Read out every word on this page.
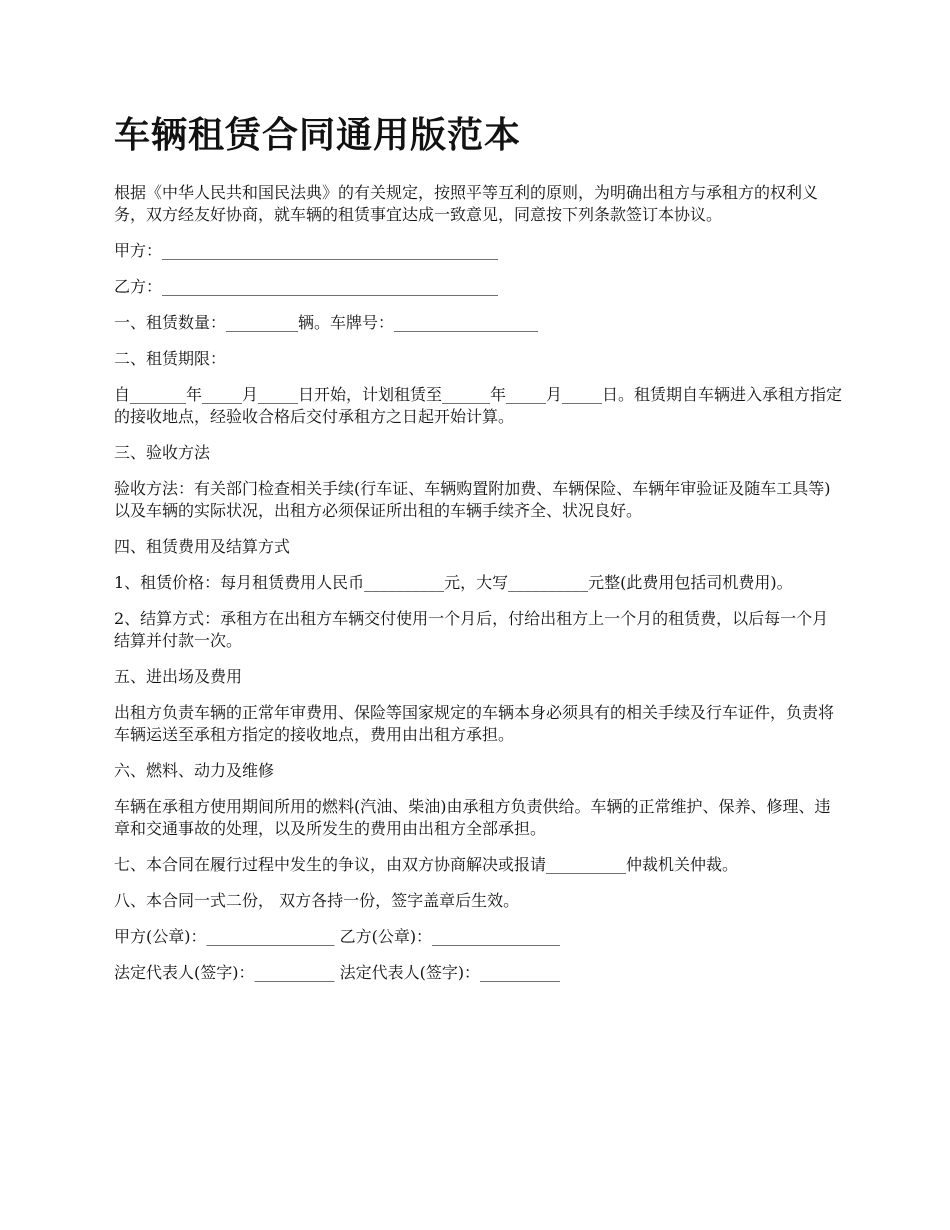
车辆租赁合同通用版范本

根据《中华人民共和国民法典》的有关规定，按照平等互利的原则，为明确出租方与承租方的权利义务，双方经友好协商，就车辆的租赁事宜达成一致意见，同意按下列条款签订本协议。

甲方：__________________________________________

乙方：__________________________________________

一、租赁数量：_________辆。车牌号：__________________

二、租赁期限：

自_______年_____月_____日开始，计划租赁至______年_____月_____日。租赁期自车辆进入承租方指定的接收地点，经验收合格后交付承租方之日起开始计算。

三、验收方法

验收方法：有关部门检查相关手续(行车证、车辆购置附加费、车辆保险、车辆年审验证及随车工具等)以及车辆的实际状况，出租方必须保证所出租的车辆手续齐全、状况良好。

四、租赁费用及结算方式

1、租赁价格：每月租赁费用人民币__________元，大写__________元整(此费用包括司机费用)。

2、结算方式：承租方在出租方车辆交付使用一个月后，付给出租方上一个月的租赁费，以后每一个月结算并付款一次。

五、进出场及费用

出租方负责车辆的正常年审费用、保险等国家规定的车辆本身必须具有的相关手续及行车证件，负责将车辆运送至承租方指定的接收地点，费用由出租方承担。

六、燃料、动力及维修

车辆在承租方使用期间所用的燃料(汽油、柴油)由承租方负责供给。车辆的正常维护、保养、修理、违章和交通事故的处理，以及所发生的费用由出租方全部承担。

七、本合同在履行过程中发生的争议，由双方协商解决或报请__________仲裁机关仲裁。

八、本合同一式二份， 双方各持一份，签字盖章后生效。

甲方(公章)：________________ 乙方(公章)：________________

法定代表人(签字)：__________ 法定代表人(签字)：__________
